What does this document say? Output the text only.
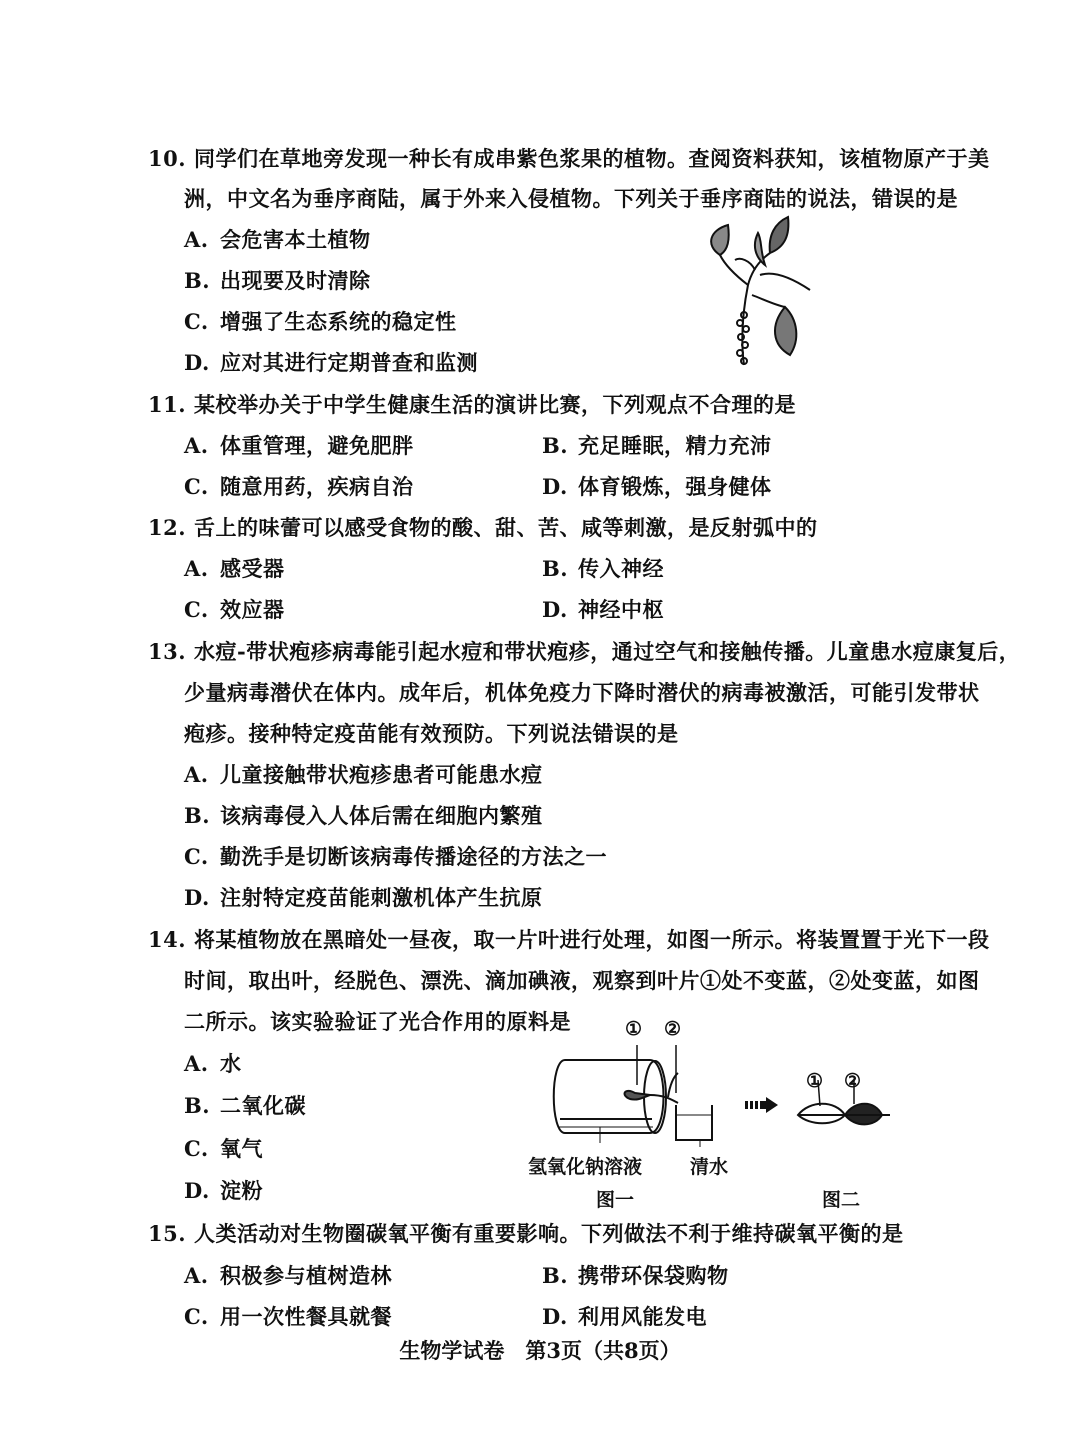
10. 同学们在草地旁发现一种长有成串紫色浆果的植物。查阅资料获知，该植物原产于美
洲，中文名为垂序商陆，属于外来入侵植物。下列关于垂序商陆的说法，错误的是
A. 会危害本土植物
B. 出现要及时清除
C. 增强了生态系统的稳定性
D. 应对其进行定期普查和监测
11. 某校举办关于中学生健康生活的演讲比赛，下列观点不合理的是
A. 体重管理，避免肥胖	B. 充足睡眠，精力充沛
C. 随意用药，疾病自治	D. 体育锻炼，强身健体
12. 舌上的味蕾可以感受食物的酸、甜、苦、咸等刺激，是反射弧中的
A. 感受器	B. 传入神经
C. 效应器	D. 神经中枢
13. 水痘-带状疱疹病毒能引起水痘和带状疱疹，通过空气和接触传播。儿童患水痘康复后，
少量病毒潜伏在体内。成年后，机体免疫力下降时潜伏的病毒被激活，可能引发带状
疱疹。接种特定疫苗能有效预防。下列说法错误的是
A. 儿童接触带状疱疹患者可能患水痘
B. 该病毒侵入人体后需在细胞内繁殖
C. 勤洗手是切断该病毒传播途径的方法之一
D. 注射特定疫苗能刺激机体产生抗原
14. 将某植物放在黑暗处一昼夜，取一片叶进行处理，如图一所示。将装置置于光下一段
时间，取出叶，经脱色、漂洗、滴加碘液，观察到叶片①处不变蓝，②处变蓝，如图
二所示。该实验验证了光合作用的原料是
A. 水
B. 二氧化碳
C. 氧气
D. 淀粉
① ②
氢氧化钠溶液	清水
图一
① ②
图二
15. 人类活动对生物圈碳氧平衡有重要影响。下列做法不利于维持碳氧平衡的是
A. 积极参与植树造林	B. 携带环保袋购物
C. 用一次性餐具就餐	D. 利用风能发电
生物学试卷　第3页（共8页）
